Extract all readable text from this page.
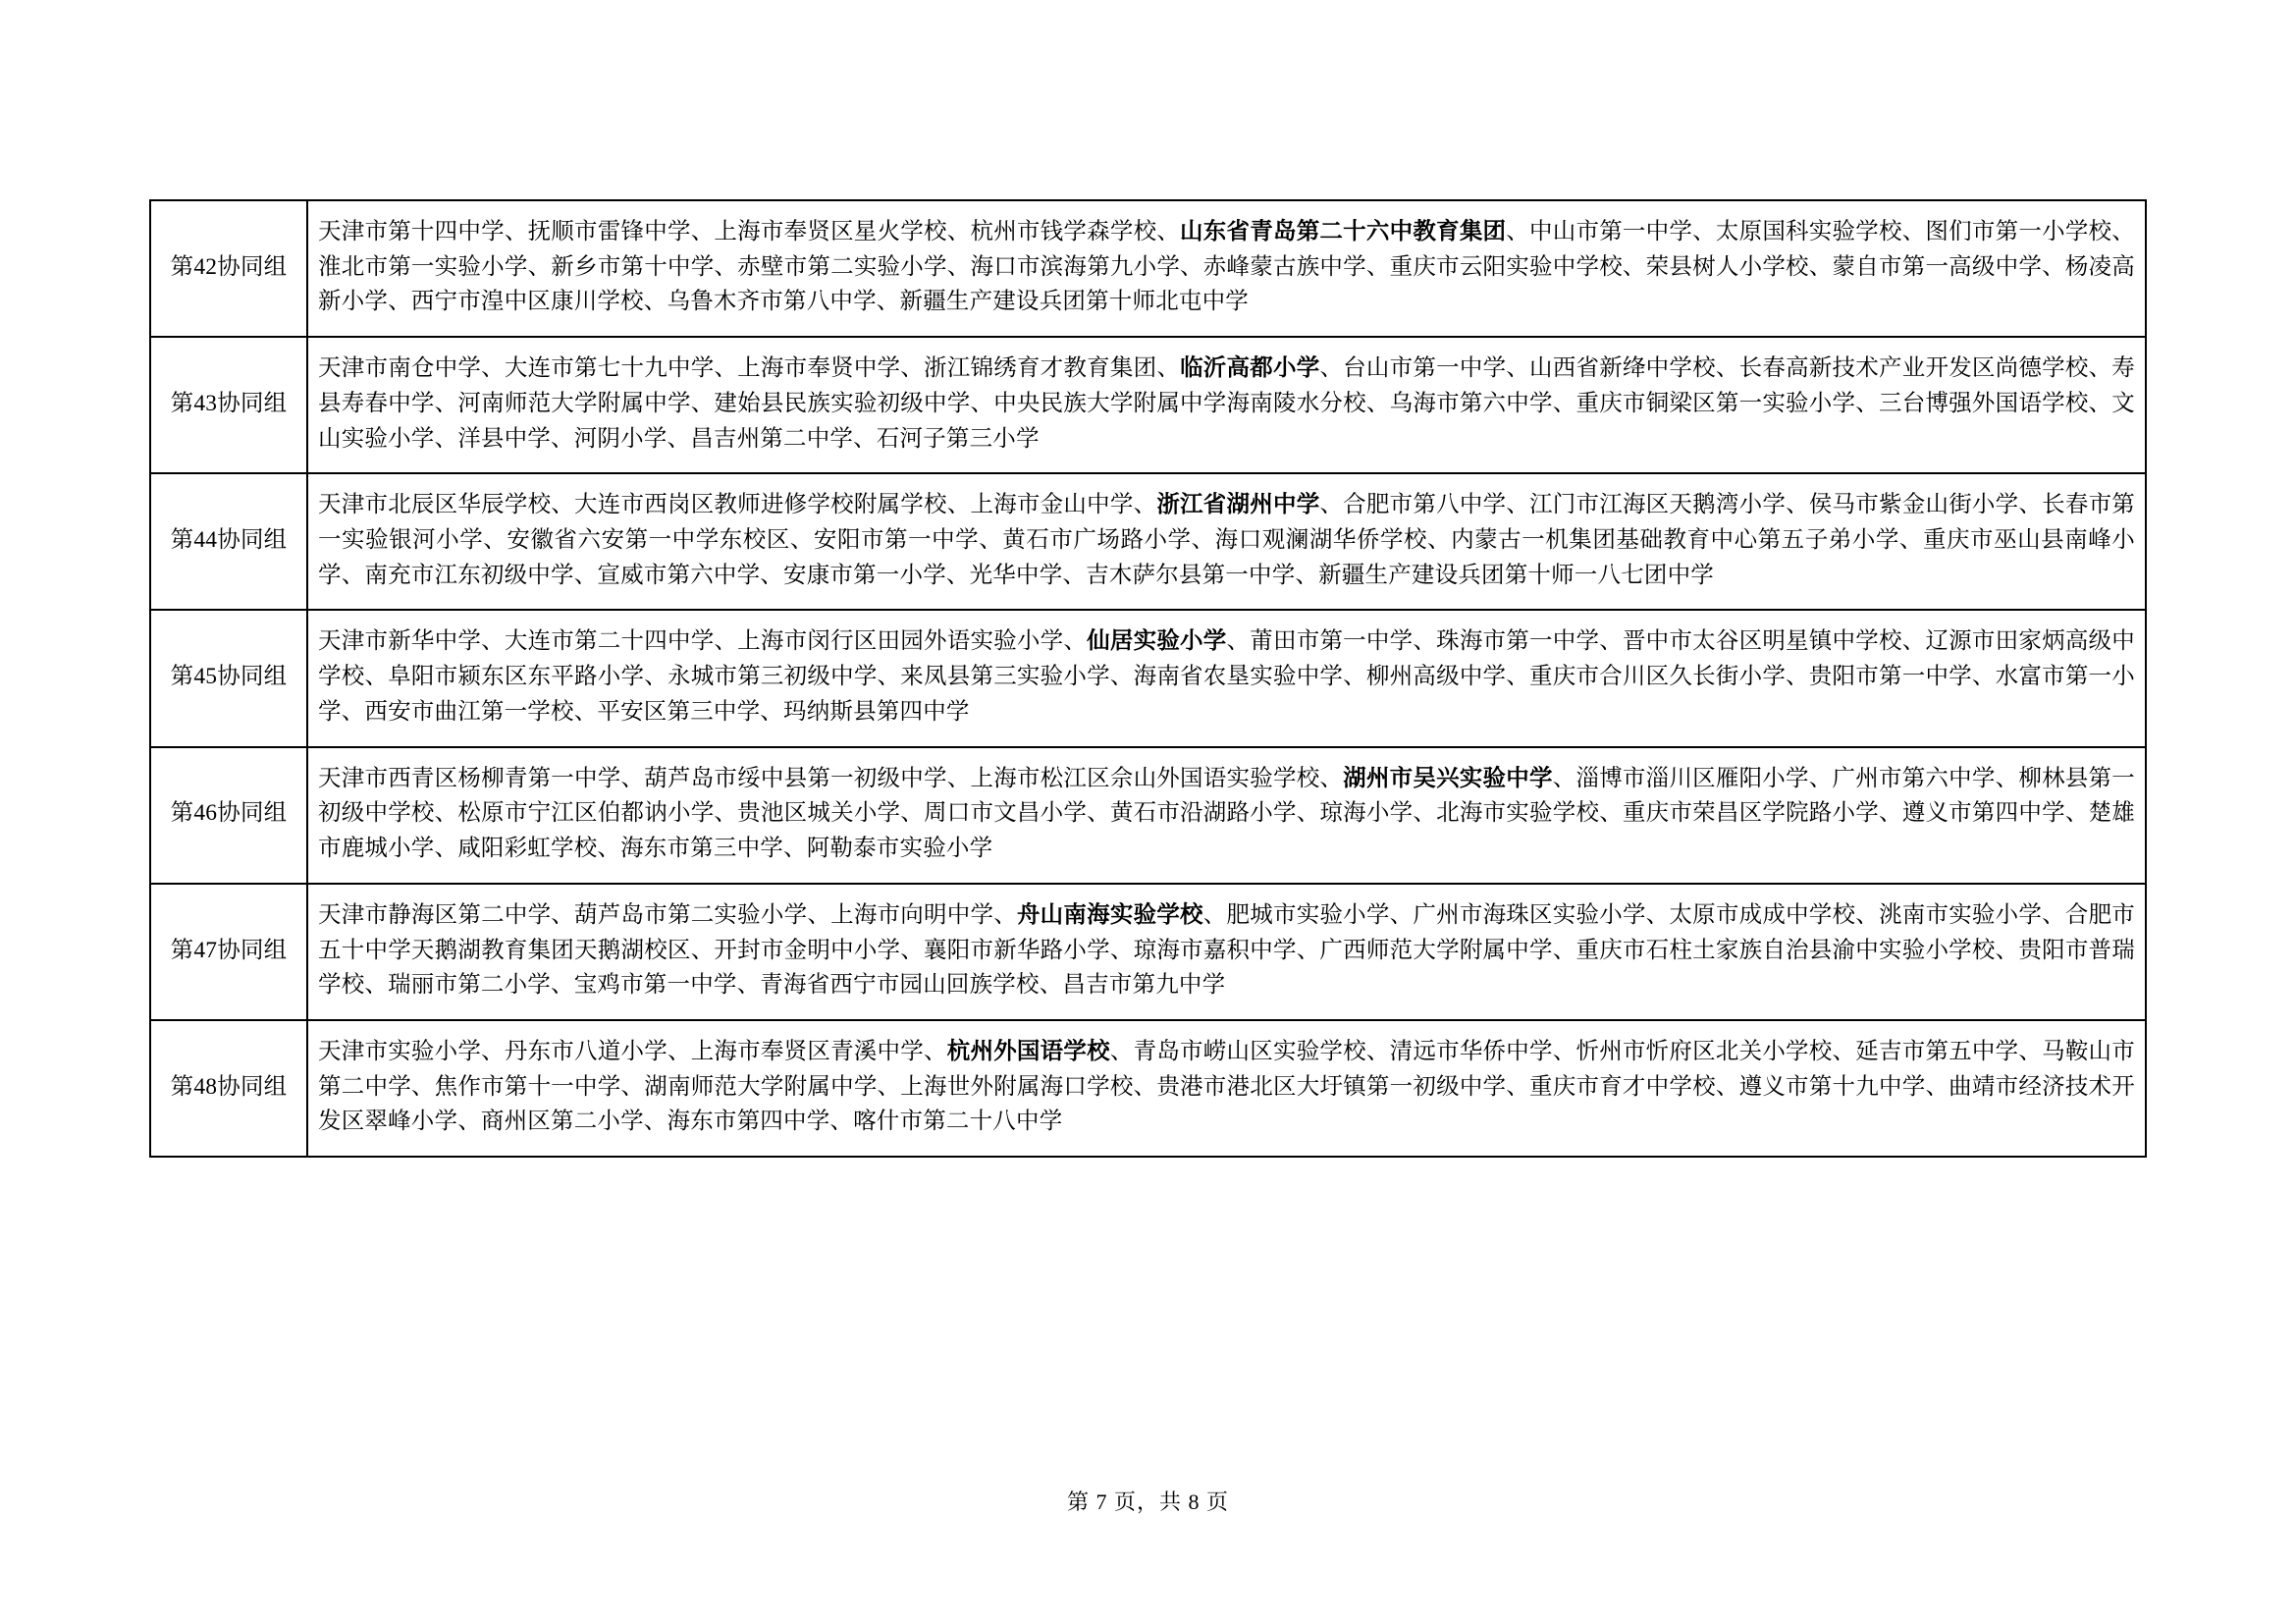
第42协同组	天津市第十四中学、抚顺市雷锋中学、上海市奉贤区星火学校、杭州市钱学森学校、山东省青岛第二十六中教育集团、中山市第一中学、太原国科实验学校、图们市第一小学校、淮北市第一实验小学、新乡市第十中学、赤壁市第二实验小学、海口市滨海第九小学、赤峰蒙古族中学、重庆市云阳实验中学校、荣县树人小学校、蒙自市第一高级中学、杨凌高新小学、西宁市湟中区康川学校、乌鲁木齐市第八中学、新疆生产建设兵团第十师北屯中学
第43协同组	天津市南仓中学、大连市第七十九中学、上海市奉贤中学、浙江锦绣育才教育集团、临沂高都小学、台山市第一中学、山西省新绛中学校、长春高新技术产业开发区尚德学校、寿县寿春中学、河南师范大学附属中学、建始县民族实验初级中学、中央民族大学附属中学海南陵水分校、乌海市第六中学、重庆市铜梁区第一实验小学、三台博强外国语学校、文山实验小学、洋县中学、河阴小学、昌吉州第二中学、石河子第三小学
第44协同组	天津市北辰区华辰学校、大连市西岗区教师进修学校附属学校、上海市金山中学、浙江省湖州中学、合肥市第八中学、江门市江海区天鹅湾小学、侯马市紫金山街小学、长春市第一实验银河小学、安徽省六安第一中学东校区、安阳市第一中学、黄石市广场路小学、海口观澜湖华侨学校、内蒙古一机集团基础教育中心第五子弟小学、重庆市巫山县南峰小学、南充市江东初级中学、宣威市第六中学、安康市第一小学、光华中学、吉木萨尔县第一中学、新疆生产建设兵团第十师一八七团中学
第45协同组	天津市新华中学、大连市第二十四中学、上海市闵行区田园外语实验小学、仙居实验小学、莆田市第一中学、珠海市第一中学、晋中市太谷区明星镇中学校、辽源市田家炳高级中学校、阜阳市颍东区东平路小学、永城市第三初级中学、来凤县第三实验小学、海南省农垦实验中学、柳州高级中学、重庆市合川区久长街小学、贵阳市第一中学、水富市第一小学、西安市曲江第一学校、平安区第三中学、玛纳斯县第四中学
第46协同组	天津市西青区杨柳青第一中学、葫芦岛市绥中县第一初级中学、上海市松江区佘山外国语实验学校、湖州市吴兴实验中学、淄博市淄川区雁阳小学、广州市第六中学、柳林县第一初级中学校、松原市宁江区伯都讷小学、贵池区城关小学、周口市文昌小学、黄石市沿湖路小学、琼海小学、北海市实验学校、重庆市荣昌区学院路小学、遵义市第四中学、楚雄市鹿城小学、咸阳彩虹学校、海东市第三中学、阿勒泰市实验小学
第47协同组	天津市静海区第二中学、葫芦岛市第二实验小学、上海市向明中学、舟山南海实验学校、肥城市实验小学、广州市海珠区实验小学、太原市成成中学校、洮南市实验小学、合肥市五十中学天鹅湖教育集团天鹅湖校区、开封市金明中小学、襄阳市新华路小学、琼海市嘉积中学、广西师范大学附属中学、重庆市石柱土家族自治县渝中实验小学校、贵阳市普瑞学校、瑞丽市第二小学、宝鸡市第一中学、青海省西宁市园山回族学校、昌吉市第九中学
第48协同组	天津市实验小学、丹东市八道小学、上海市奉贤区青溪中学、杭州外国语学校、青岛市崂山区实验学校、清远市华侨中学、忻州市忻府区北关小学校、延吉市第五中学、马鞍山市第二中学、焦作市第十一中学、湖南师范大学附属中学、上海世外附属海口学校、贵港市港北区大圩镇第一初级中学、重庆市育才中学校、遵义市第十九中学、曲靖市经济技术开发区翠峰小学、商州区第二小学、海东市第四中学、喀什市第二十八中学
第 7 页，共 8 页
